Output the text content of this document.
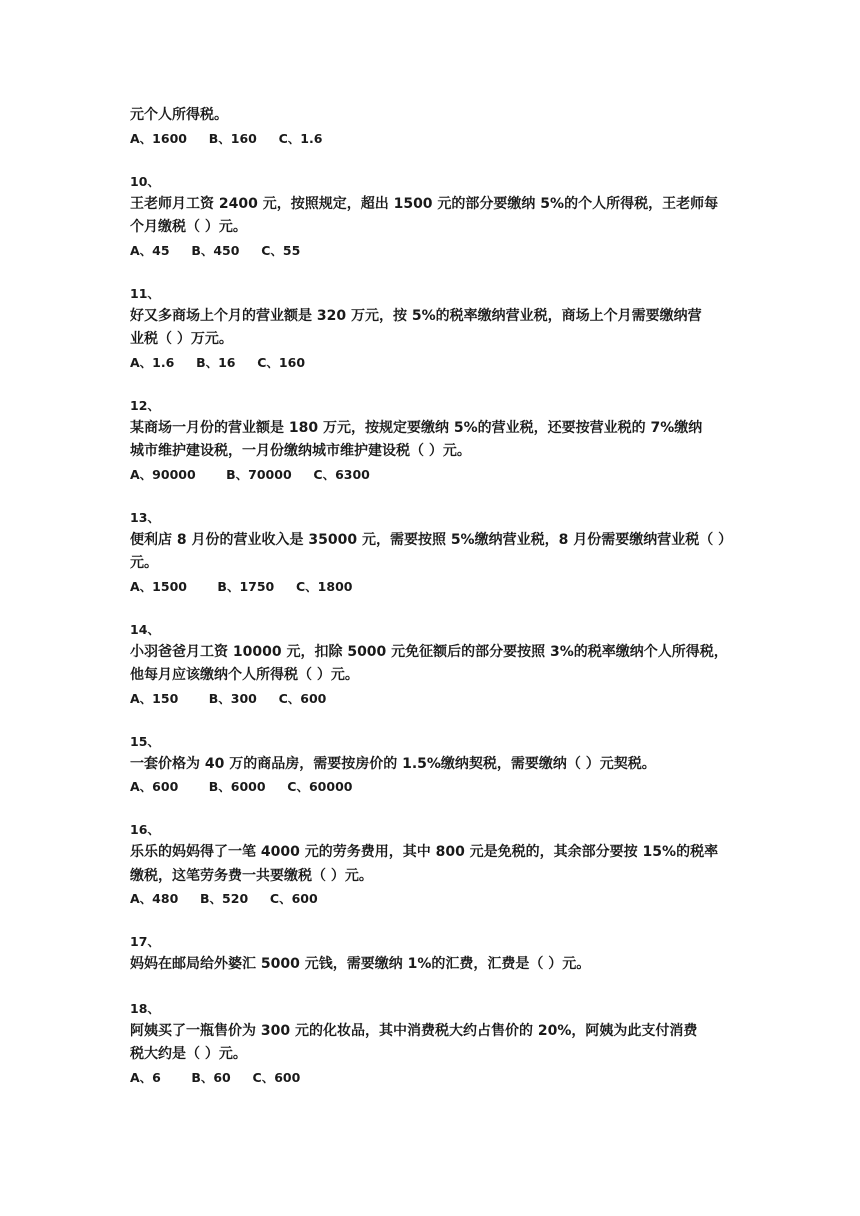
元个人所得税。
A、1600     B、160     C、1.6
10、
王老师月工资 2400 元，按照规定，超出 1500 元的部分要缴纳 5%的个人所得税，王老师每
个月缴税（ ）元。
A、45     B、450     C、55
11、
好又多商场上个月的营业额是 320 万元，按 5%的税率缴纳营业税，商场上个月需要缴纳营
业税（ ）万元。
A、1.6     B、16     C、160
12、
某商场一月份的营业额是 180 万元，按规定要缴纳 5%的营业税，还要按营业税的 7%缴纳
城市维护建设税，一月份缴纳城市维护建设税（ ）元。
A、90000       B、70000     C、6300
13、
便利店 8 月份的营业收入是 35000 元，需要按照 5%缴纳营业税，8 月份需要缴纳营业税（ ）
元。
A、1500       B、1750     C、1800
14、
小羽爸爸月工资 10000 元，扣除 5000 元免征额后的部分要按照 3%的税率缴纳个人所得税，
他每月应该缴纳个人所得税（ ）元。
A、150       B、300     C、600
15、
一套价格为 40 万的商品房，需要按房价的 1.5%缴纳契税，需要缴纳（ ）元契税。
A、600       B、6000     C、60000
16、
乐乐的妈妈得了一笔 4000 元的劳务费用，其中 800 元是免税的，其余部分要按 15%的税率
缴税，这笔劳务费一共要缴税（ ）元。
A、480     B、520     C、600
17、
妈妈在邮局给外婆汇 5000 元钱，需要缴纳 1%的汇费，汇费是（ ）元。
18、
阿姨买了一瓶售价为 300 元的化妆品，其中消费税大约占售价的 20%，阿姨为此支付消费
税大约是（ ）元。
A、6       B、60     C、600
